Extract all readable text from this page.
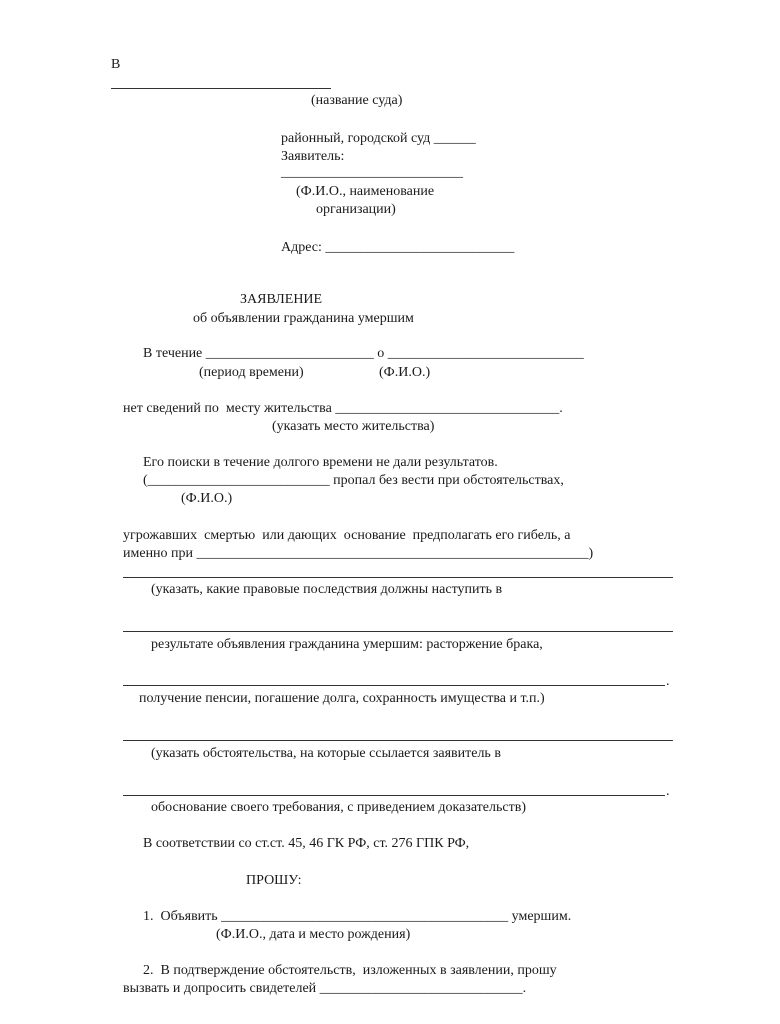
В
(название суда)
районный, городской суд ______
Заявитель:
__________________________
(Ф.И.О., наименование
организации)
Адрес: ___________________________
ЗАЯВЛЕНИЕ
об объявлении гражданина умершим
В течение ________________________ о ____________________________
(период времени)	(Ф.И.О.)
нет сведений по  месту жительства ________________________________.
(указать место жительства)
Его поиски в течение долгого времени не дали результатов.
(__________________________ пропал без вести при обстоятельствах,
(Ф.И.О.)
угрожавших  смертью  или дающих  основание  предполагать его гибель, а
именно при ________________________________________________________)
(указать, какие правовые последствия должны наступить в
результате объявления гражданина умершим: расторжение брака,
.
получение пенсии, погашение долга, сохранность имущества и т.п.)
(указать обстоятельства, на которые ссылается заявитель в
.
обоснование своего требования, с приведением доказательств)
В соответствии со ст.ст. 45, 46 ГК РФ, ст. 276 ГПК РФ,
ПРОШУ:
1.  Объявить _________________________________________ умершим.
(Ф.И.О., дата и место рождения)
2.  В подтверждение обстоятельств,  изложенных в заявлении, прошу
вызвать и допросить свидетелей _____________________________.
